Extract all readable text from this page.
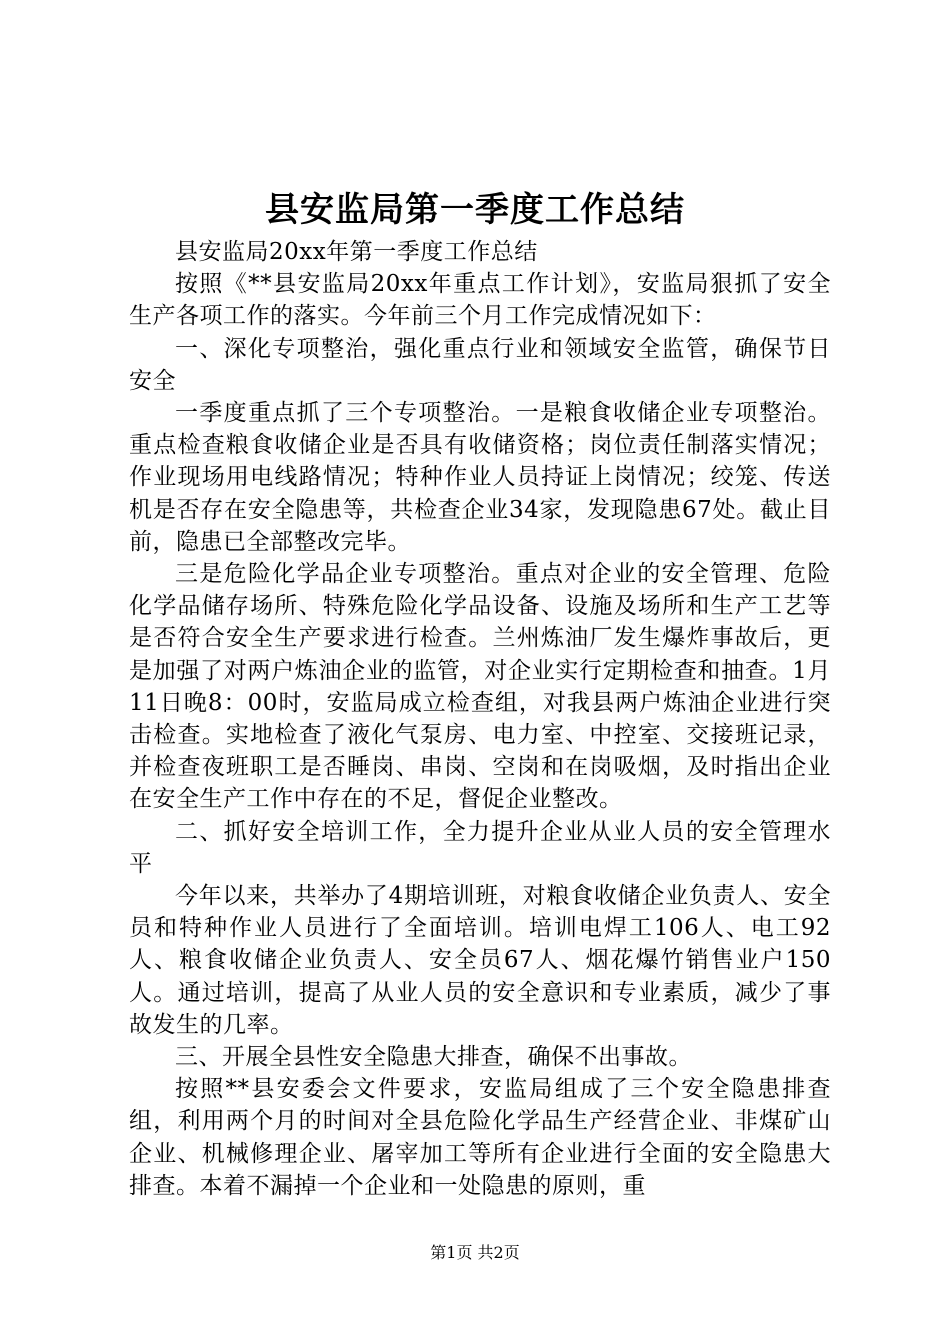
县安监局第一季度工作总结

县安监局20xx年第一季度工作总结

按照《**县安监局20xx年重点工作计划》，安监局狠抓了安全生产各项工作的落实。今年前三个月工作完成情况如下：

一、深化专项整治，强化重点行业和领域安全监管，确保节日安全

一季度重点抓了三个专项整治。一是粮食收储企业专项整治。重点检查粮食收储企业是否具有收储资格；岗位责任制落实情况；作业现场用电线路情况；特种作业人员持证上岗情况；绞笼、传送机是否存在安全隐患等，共检查企业34家，发现隐患67处。截止目前，隐患已全部整改完毕。

三是危险化学品企业专项整治。重点对企业的安全管理、危险化学品储存场所、特殊危险化学品设备、设施及场所和生产工艺等是否符合安全生产要求进行检查。兰州炼油厂发生爆炸事故后，更是加强了对两户炼油企业的监管，对企业实行定期检查和抽查。1月11日晚8：00时，安监局成立检查组，对我县两户炼油企业进行突击检查。实地检查了液化气泵房、电力室、中控室、交接班记录，并检查夜班职工是否睡岗、串岗、空岗和在岗吸烟，及时指出企业在安全生产工作中存在的不足，督促企业整改。

二、抓好安全培训工作，全力提升企业从业人员的安全管理水平

今年以来，共举办了4期培训班，对粮食收储企业负责人、安全员和特种作业人员进行了全面培训。培训电焊工106人、电工92人、粮食收储企业负责人、安全员67人、烟花爆竹销售业户150人。通过培训，提高了从业人员的安全意识和专业素质，减少了事故发生的几率。

三、开展全县性安全隐患大排查，确保不出事故。

按照**县安委会文件要求，安监局组成了三个安全隐患排查组，利用两个月的时间对全县危险化学品生产经营企业、非煤矿山企业、机械修理企业、屠宰加工等所有企业进行全面的安全隐患大排查。本着不漏掉一个企业和一处隐患的原则，重

第1页 共2页
